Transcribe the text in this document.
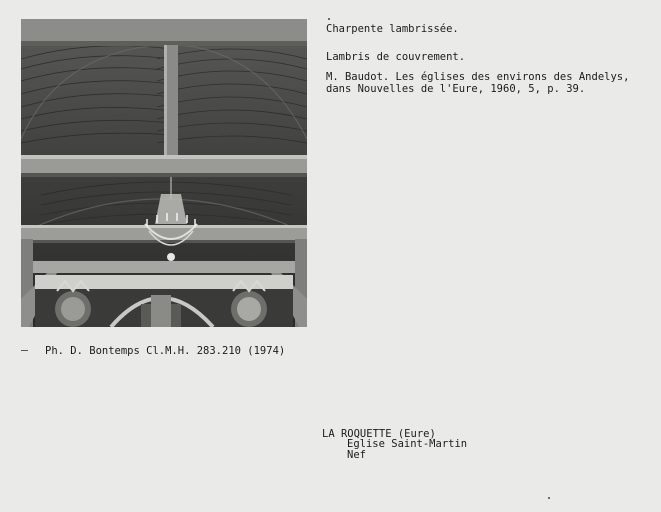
Ph. D. Bontemps Cl.M.H. 283.210 (1974)
Charpente lambrissée.
Lambris de couvrement.
M. Baudot. Les églises des environs des Andelys,
dans Nouvelles de l'Eure, 1960, 5, p. 39.
LA ROQUETTE (Eure)
Eglise Saint-Martin
Nef
